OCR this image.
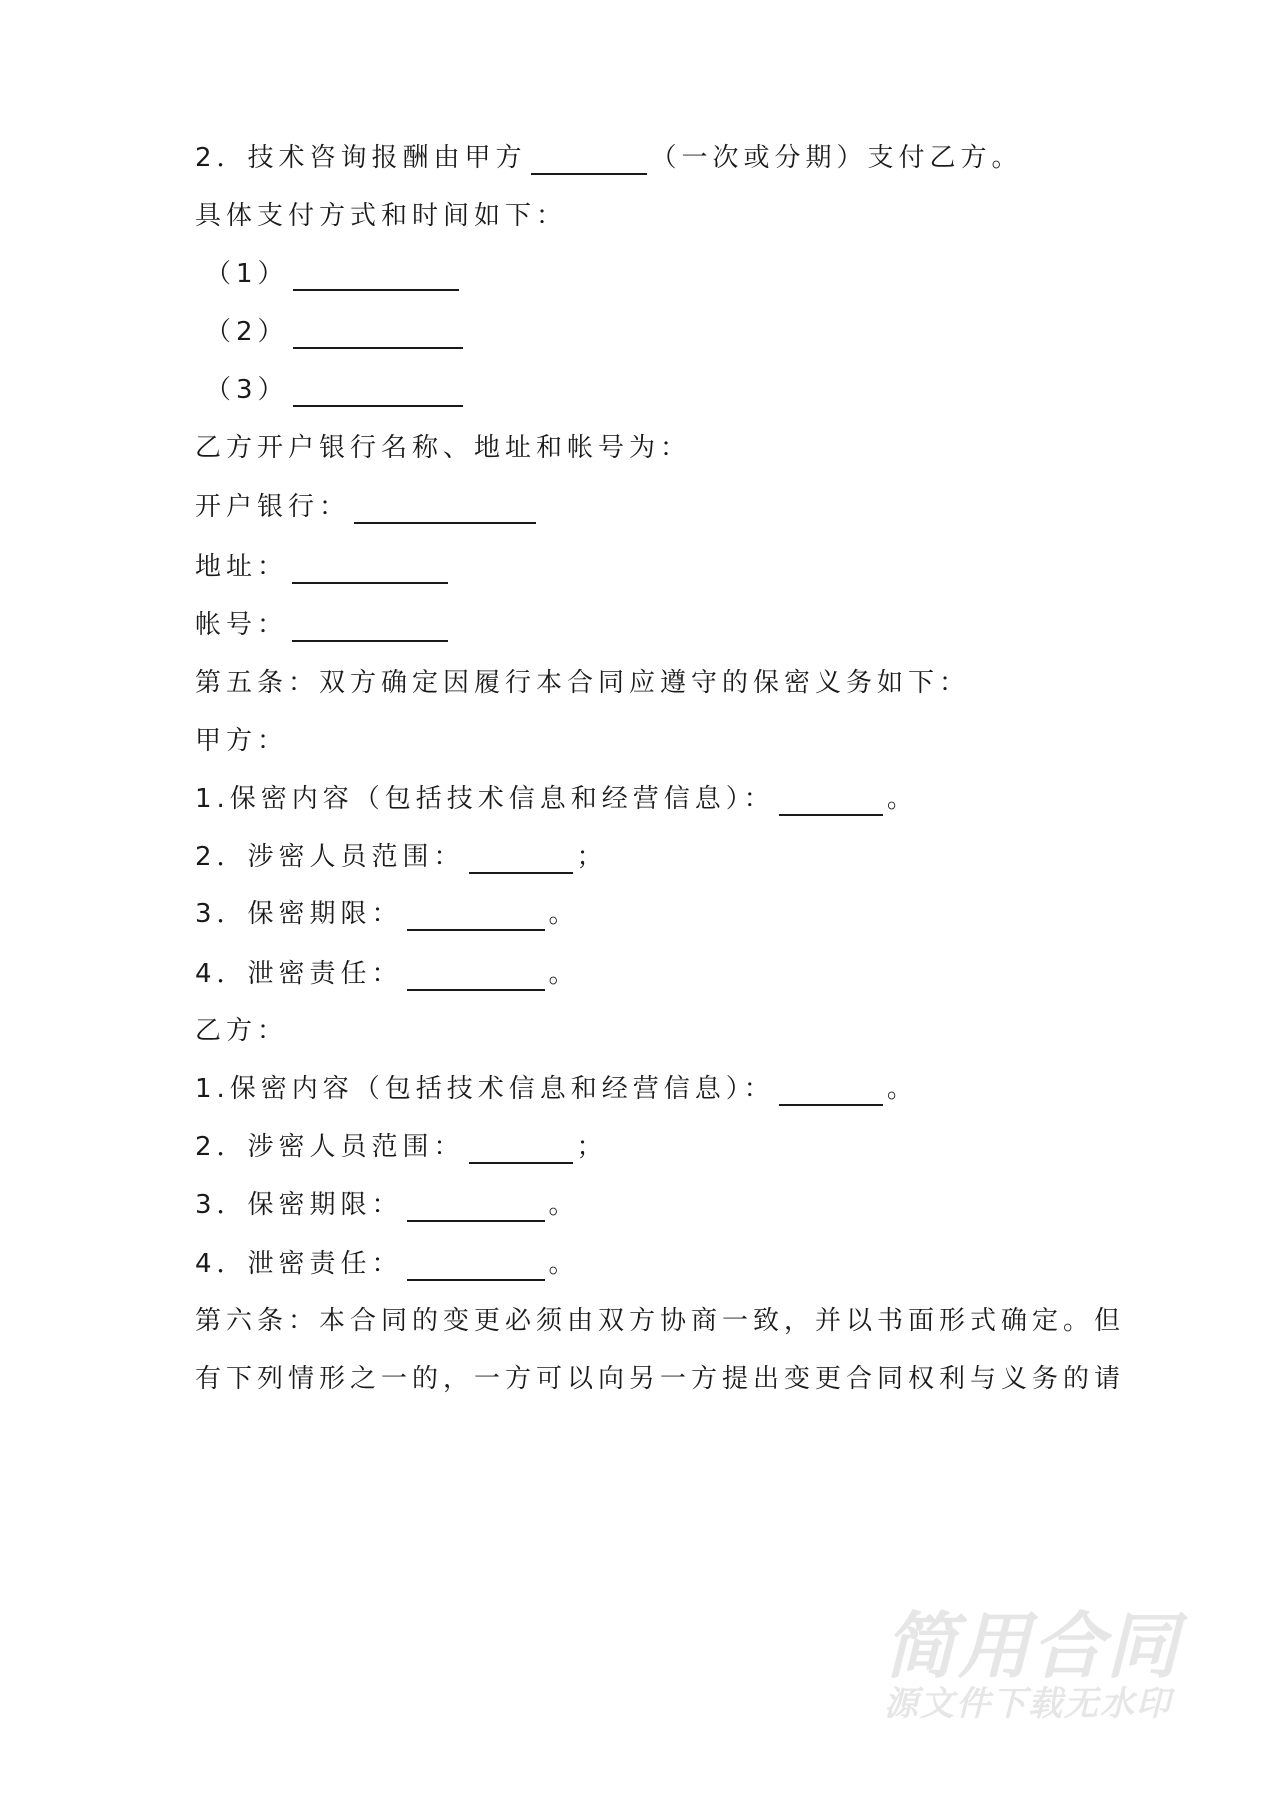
2．技术咨询报酬由甲方	（一次或分期）支付乙方。
具体支付方式和时间如下：
（1）
（2）
（3）
乙方开户银行名称、地址和帐号为：
开户银行：
地址：
帐号：
第五条：双方确定因履行本合同应遵守的保密义务如下：
甲方：
1.保密内容（包括技术信息和经营信息）：	。
2．涉密人员范围：	；
3．保密期限：	。
4．泄密责任：	。
乙方：
1.保密内容（包括技术信息和经营信息）：	。
2．涉密人员范围：	；
3．保密期限：	。
4．泄密责任：	。
第六条：本合同的变更必须由双方协商一致，并以书面形式确定。但
有下列情形之一的，一方可以向另一方提出变更合同权利与义务的请
简用合同
源文件下载无水印
